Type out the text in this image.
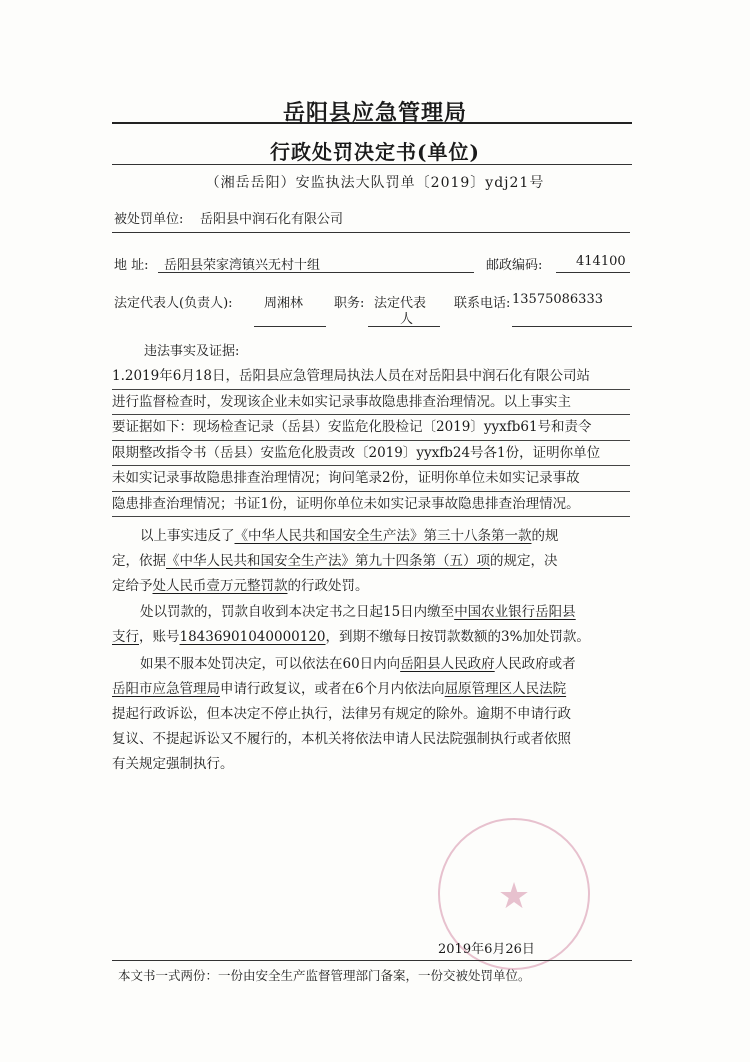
岳阳县应急管理局
行政处罚决定书(单位)
（湘岳岳阳）安监执法大队罚单〔2019〕ydj21号
被处罚单位: 岳阳县中润石化有限公司
地 址: 岳阳县荣家湾镇兴无村十组	邮政编码:	414100
法定代表人(负责人): 周湘林 职务: 法定代表
人
联系电话: 13575086333
违法事实及证据:
1.2019年6月18日，岳阳县应急管理局执法人员在对岳阳县中润石化有限公司站
进行监督检查时，发现该企业未如实记录事故隐患排查治理情况。以上事实主
要证据如下：现场检查记录（岳县）安监危化股检记〔2019〕yyxfb61号和责令
限期整改指令书（岳县）安监危化股责改〔2019〕yyxfb24号各1份，证明你单位
未如实记录事故隐患排查治理情况；询问笔录2份，证明你单位未如实记录事故
隐患排查治理情况；书证1份，证明你单位未如实记录事故隐患排查治理情况。
以上事实违反了《中华人民共和国安全生产法》第三十八条第一款的规
定，依据《中华人民共和国安全生产法》第九十四条第（五）项的规定，决
定给予处人民币壹万元整罚款的行政处罚。
处以罚款的，罚款自收到本决定书之日起15日内缴至中国农业银行岳阳县
支行，账号18436901040000120，到期不缴每日按罚款数额的3%加处罚款。
如果不服本处罚决定，可以依法在60日内向岳阳县人民政府人民政府或者
岳阳市应急管理局申请行政复议，或者在6个月内依法向屈原管理区人民法院
提起行政诉讼，但本决定不停止执行，法律另有规定的除外。逾期不申请行政
复议、不提起诉讼又不履行的，本机关将依法申请人民法院强制执行或者依照
有关规定强制执行。
★
2019年6月26日
本文书一式两份：一份由安全生产监督管理部门备案，一份交被处罚单位。
